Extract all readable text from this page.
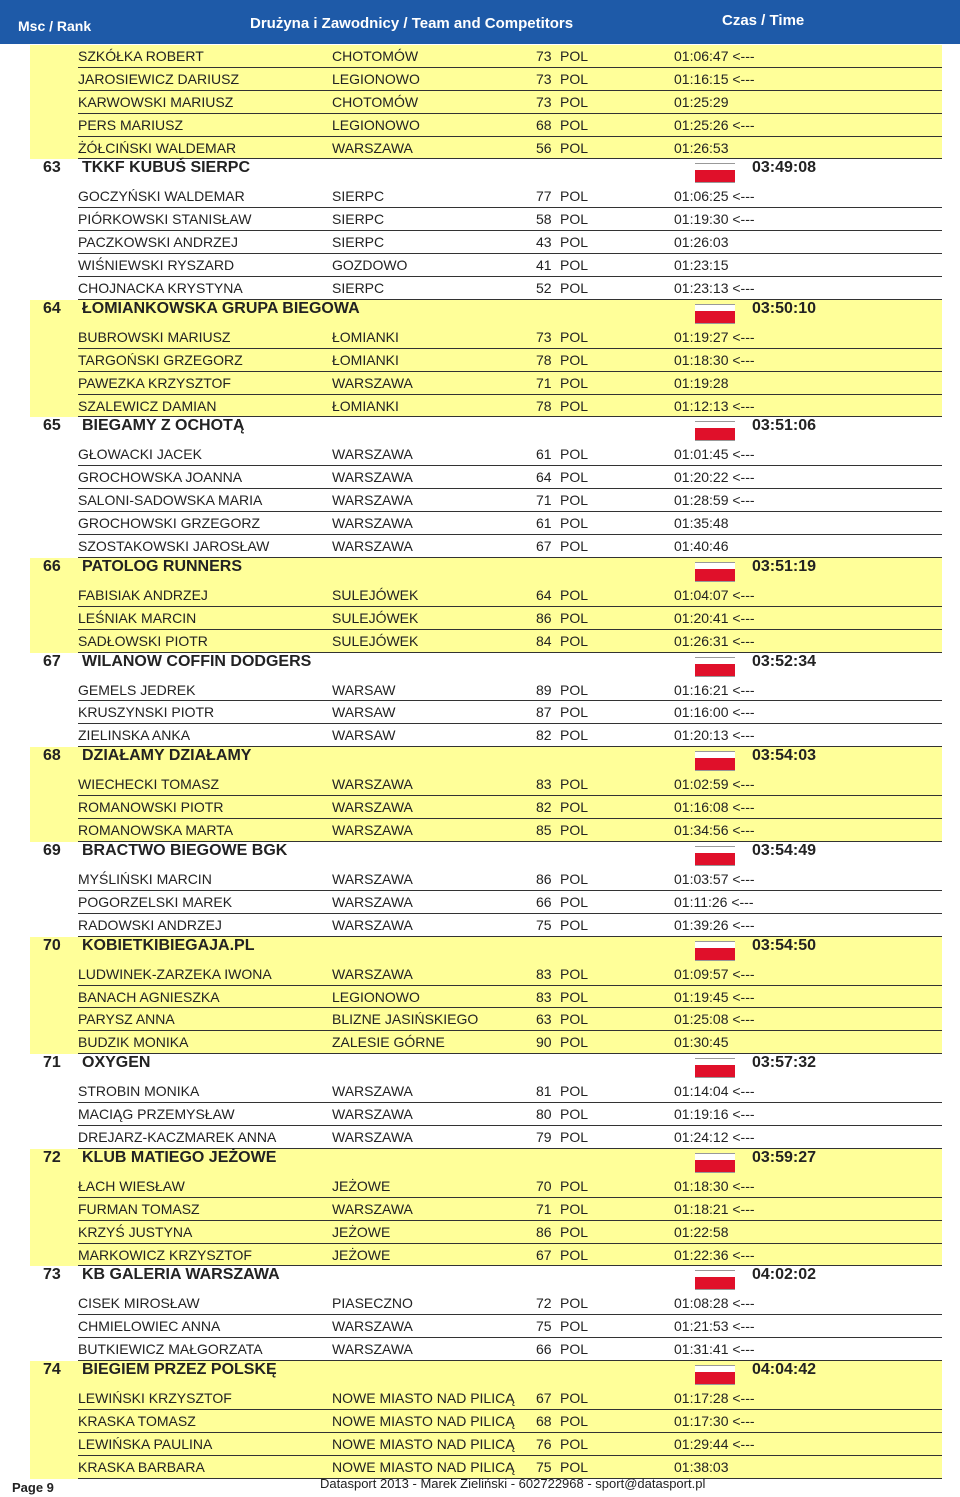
Msc / Rank	Drużyna i Zawodnicy / Team and Competitors	Czas / Time
SZKÓŁKA ROBERT	CHOTOMÓW	73 POL	01:06:47 <---
JAROSIEWICZ DARIUSZ	LEGIONOWO	73 POL	01:16:15 <---
KARWOWSKI MARIUSZ	CHOTOMÓW	73 POL	01:25:29
PERS MARIUSZ	LEGIONOWO	68 POL	01:25:26 <---
ŻÓŁCIŃSKI WALDEMAR	WARSZAWA	56 POL	01:26:53
63 TKKF KUBUŚ SIERPC	03:49:08
GOCZYŃSKI WALDEMAR	SIERPC	77 POL	01:06:25 <---
PIÓRKOWSKI STANISŁAW	SIERPC	58 POL	01:19:30 <---
PACZKOWSKI ANDRZEJ	SIERPC	43 POL	01:26:03
WIŚNIEWSKI RYSZARD	GOZDOWO	41 POL	01:23:15
CHOJNACKA KRYSTYNA	SIERPC	52 POL	01:23:13 <---
64 ŁOMIANKOWSKA GRUPA BIEGOWA	03:50:10
BUBROWSKI MARIUSZ	ŁOMIANKI	73 POL	01:19:27 <---
TARGOŃSKI GRZEGORZ	ŁOMIANKI	78 POL	01:18:30 <---
PAWEZKA KRZYSZTOF	WARSZAWA	71 POL	01:19:28
SZALEWICZ DAMIAN	ŁOMIANKI	78 POL	01:12:13 <---
65 BIEGAMY Z OCHOTĄ	03:51:06
GŁOWACKI JACEK	WARSZAWA	61 POL	01:01:45 <---
GROCHOWSKA JOANNA	WARSZAWA	64 POL	01:20:22 <---
SALONI-SADOWSKA MARIA	WARSZAWA	71 POL	01:28:59 <---
GROCHOWSKI GRZEGORZ	WARSZAWA	61 POL	01:35:48
SZOSTAKOWSKI JAROSŁAW	WARSZAWA	67 POL	01:40:46
66 PATOLOG RUNNERS	03:51:19
FABISIAK ANDRZEJ	SULEJÓWEK	64 POL	01:04:07 <---
LEŚNIAK MARCIN	SULEJÓWEK	86 POL	01:20:41 <---
SADŁOWSKI PIOTR	SULEJÓWEK	84 POL	01:26:31 <---
67 WILANOW COFFIN DODGERS	03:52:34
GEMELS JEDREK	WARSAW	89 POL	01:16:21 <---
KRUSZYNSKI PIOTR	WARSAW	87 POL	01:16:00 <---
ZIELINSKA ANKA	WARSAW	82 POL	01:20:13 <---
68 DZIAŁAMY DZIAŁAMY	03:54:03
WIECHECKI TOMASZ	WARSZAWA	83 POL	01:02:59 <---
ROMANOWSKI PIOTR	WARSZAWA	82 POL	01:16:08 <---
ROMANOWSKA MARTA	WARSZAWA	85 POL	01:34:56 <---
69 BRACTWO BIEGOWE BGK	03:54:49
MYŚLIŃSKI MARCIN	WARSZAWA	86 POL	01:03:57 <---
POGORZELSKI MAREK	WARSZAWA	66 POL	01:11:26 <---
RADOWSKI ANDRZEJ	WARSZAWA	75 POL	01:39:26 <---
70 KOBIETKIBIEGAJA.PL	03:54:50
LUDWINEK-ZARZEKA IWONA	WARSZAWA	83 POL	01:09:57 <---
BANACH AGNIESZKA	LEGIONOWO	83 POL	01:19:45 <---
PARYSZ ANNA	BLIZNE JASIŃSKIEGO	63 POL	01:25:08 <---
BUDZIK MONIKA	ZALESIE GÓRNE	90 POL	01:30:45
71 OXYGEN	03:57:32
STROBIN MONIKA	WARSZAWA	81 POL	01:14:04 <---
MACIĄG PRZEMYSŁAW	WARSZAWA	80 POL	01:19:16 <---
DREJARZ-KACZMAREK ANNA	WARSZAWA	79 POL	01:24:12 <---
72 KLUB MATIEGO JEŻOWE	03:59:27
ŁACH WIESŁAW	JEŻOWE	70 POL	01:18:30 <---
FURMAN TOMASZ	WARSZAWA	71 POL	01:18:21 <---
KRZYŚ JUSTYNA	JEŻOWE	86 POL	01:22:58
MARKOWICZ KRZYSZTOF	JEŻOWE	67 POL	01:22:36 <---
73 KB GALERIA WARSZAWA	04:02:02
CISEK MIROSŁAW	PIASECZNO	72 POL	01:08:28 <---
CHMIELOWIEC ANNA	WARSZAWA	75 POL	01:21:53 <---
BUTKIEWICZ MAŁGORZATA	WARSZAWA	66 POL	01:31:41 <---
74 BIEGIEM PRZEZ POLSKĘ	04:04:42
LEWIŃSKI KRZYSZTOF	NOWE MIASTO NAD PILICĄ 67 POL	01:17:28 <---
KRASKA TOMASZ	NOWE MIASTO NAD PILICĄ 68 POL	01:17:30 <---
LEWIŃSKA PAULINA	NOWE MIASTO NAD PILICĄ 76 POL	01:29:44 <---
KRASKA BARBARA	NOWE MIASTO NAD PILICĄ 75 POL	01:38:03
Page 9	Datasport 2013 - Marek Zieliński - 602722968 - sport@datasport.pl
